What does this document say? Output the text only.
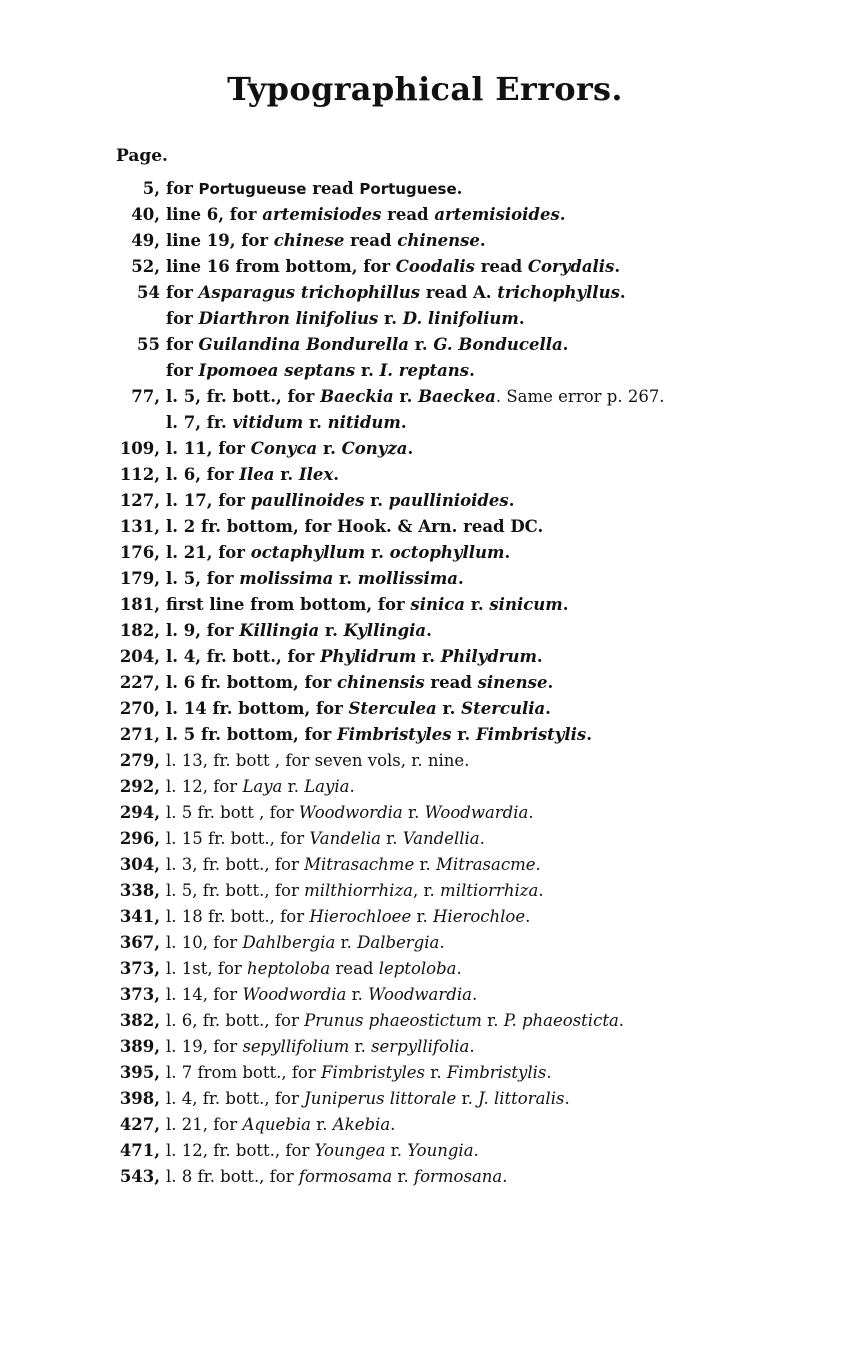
Typographical Errors.
Page.
5, for Portugueuse read Portuguese.
40, line 6, for artemisiodes read artemisioides.
49, line 19, for chinese read chinense.
52, line 16 from bottom, for Coodalis read Corydalis.
54 for Asparagus trichophillus read A. trichophyllus.
for Diarthron linifolius r. D. linifolium.
55 for Guilandina Bondurella r. G. Bonducella.
for Ipomoea septans r. I. reptans.
77, l. 5, fr. bott., for Baeckia r. Baeckea. Same error p. 267.
l. 7, fr. vitidum r. nitidum.
109, l. 11, for Conyca r. Conyza.
112, l. 6, for Ilea r. Ilex.
127, l. 17, for paullinoides r. paullinioides.
131, l. 2 fr. bottom, for Hook. & Arn. read DC.
176, l. 21, for octaphyllum r. octophyllum.
179, l. 5, for molissima r. mollissima.
181, first line from bottom, for sinica r. sinicum.
182, l. 9, for Killingia r. Kyllingia.
204, l. 4, fr. bott., for Phylidrum r. Philydrum.
227, l. 6 fr. bottom, for chinensis read sinense.
270, l. 14 fr. bottom, for Sterculea r. Sterculia.
271, l. 5 fr. bottom, for Fimbristyles r. Fimbristylis.
279, l. 13, fr. bott , for seven vols, r. nine.
292, l. 12, for Laya r. Layia.
294, l. 5 fr. bott , for Woodwordia r. Woodwardia.
296, l. 15 fr. bott., for Vandelia r. Vandellia.
304, l. 3, fr. bott., for Mitrasachme r. Mitrasacme.
338, l. 5, fr. bott., for milthiorrhiza, r. miltiorrhiza.
341, l. 18 fr. bott., for Hierochloee r. Hierochloe.
367, l. 10, for Dahlbergia r. Dalbergia.
373, l. 1st, for heptoloba read leptoloba.
373, l. 14, for Woodwordia r. Woodwardia.
382, l. 6, fr. bott., for Prunus phaeostictum r. P. phaeosticta.
389, l. 19, for sepyllifolium r. serpyllifolia.
395, l. 7 from bott., for Fimbristyles r. Fimbristylis.
398, l. 4, fr. bott., for Juniperus littorale r. J. littoralis.
427, l. 21, for Aquebia r. Akebia.
471, l. 12, fr. bott., for Youngea r. Youngia.
543, l. 8 fr. bott., for formosama r. formosana.
